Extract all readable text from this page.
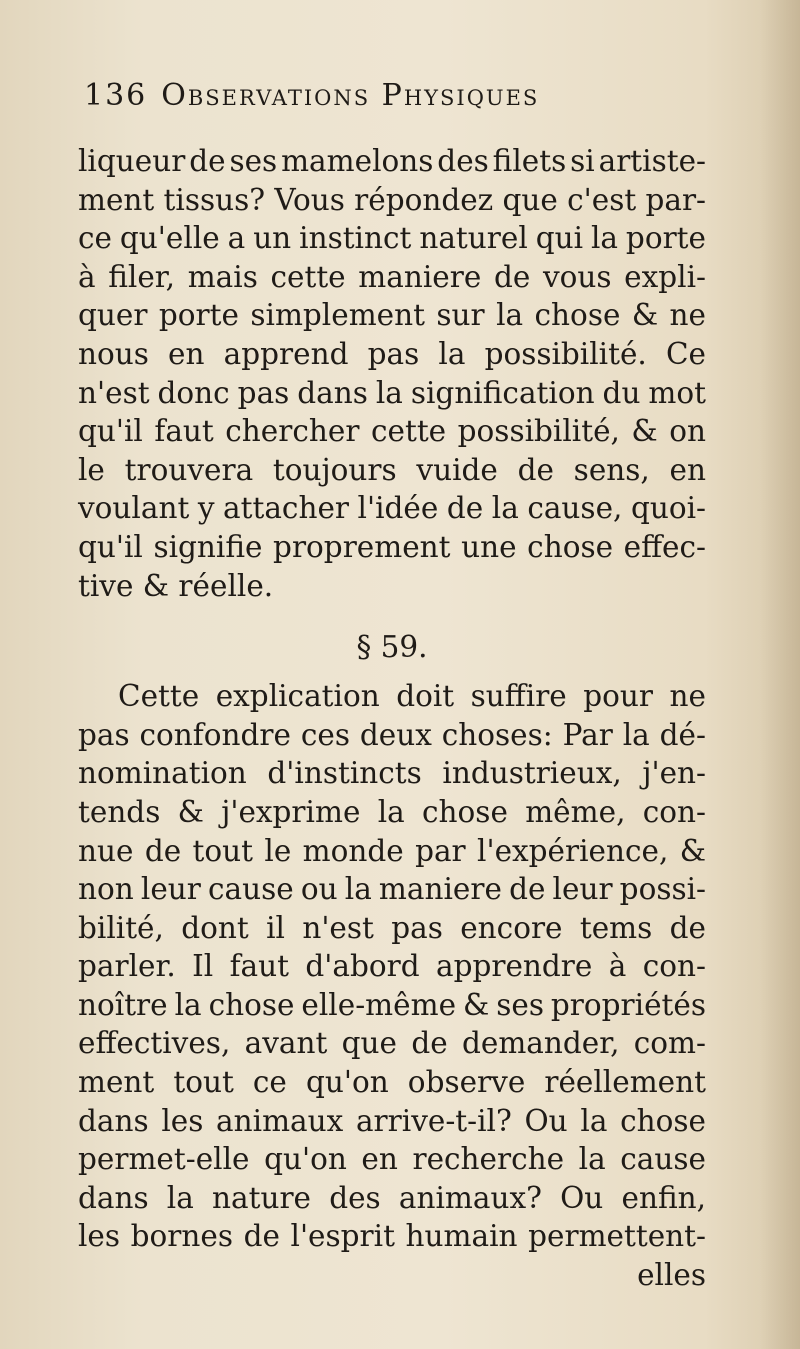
136 Observations Physiques
liqueur de ses mamelons des filets si artiste-
ment tissus? Vous répondez que c'est par-
ce qu'elle a un instinct naturel qui la porte
à filer, mais cette maniere de vous expli-
quer porte simplement sur la chose & ne
nous en apprend pas la possibilité. Ce
n'est donc pas dans la signification du mot
qu'il faut chercher cette possibilité, & on
le trouvera toujours vuide de sens, en
voulant y attacher l'idée de la cause, quoi-
qu'il signifie proprement une chose effec-
tive & réelle.
§ 59.
Cette explication doit suffire pour ne
pas confondre ces deux choses: Par la dé-
nomination d'instincts industrieux, j'en-
tends & j'exprime la chose même, con-
nue de tout le monde par l'expérience, &
non leur cause ou la maniere de leur possi-
bilité, dont il n'est pas encore tems de
parler. Il faut d'abord apprendre à con-
noître la chose elle-même & ses propriétés
effectives, avant que de demander, com-
ment tout ce qu'on observe réellement
dans les animaux arrive-t-il? Ou la chose
permet-elle qu'on en recherche la cause
dans la nature des animaux? Ou enfin,
les bornes de l'esprit humain permettent-
elles
